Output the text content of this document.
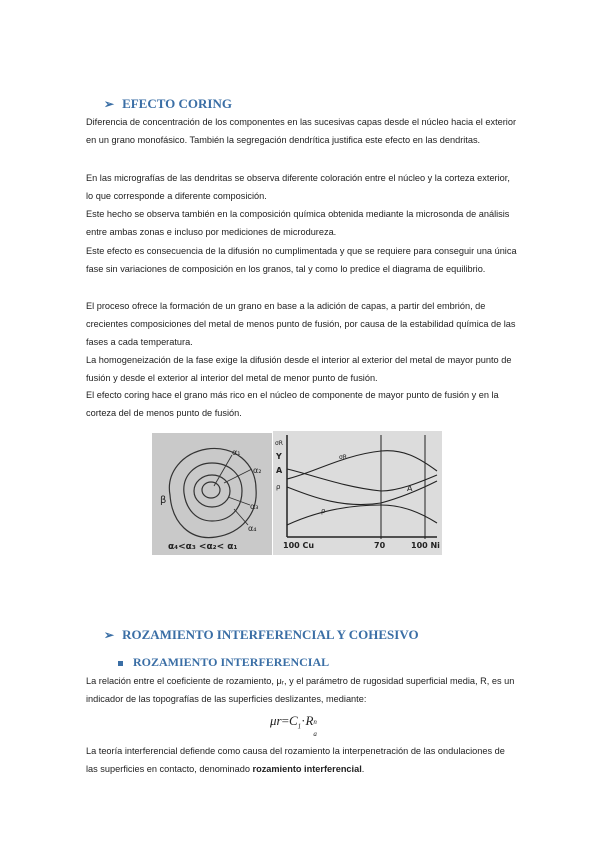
➢ EFECTO CORING

Diferencia de concentración de los componentes en las sucesivas capas desde el núcleo hacia el exterior en un grano monofásico. También la segregación dendrítica justifica este efecto en las dendritas.

En las micrografías de las dendritas se observa diferente coloración entre el núcleo y la corteza exterior, lo que corresponde a diferente composición.

Este hecho se observa también en la composición química obtenida mediante la microsonda de análisis entre ambas zonas e incluso por mediciones de microdureza.

Este efecto es consecuencia de la difusión no cumplimentada y que se requiere para conseguir una única fase sin variaciones de composición en los granos, tal y como lo predice el diagrama de equilibrio.

El proceso ofrece la formación de un grano en base a la adición de capas, a partir del embrión, de crecientes composiciones del metal de menos punto de fusión, por causa de la estabilidad química de las fases a cada temperatura.

La homogeneización de la fase exige la difusión desde el interior al exterior del metal de mayor punto de fusión y desde el exterior al interior del metal de menor punto de fusión.

El efecto coring hace el grano más rico en el núcleo de componente de mayor punto de fusión y en la corteza del de menos punto de fusión.

β
α₁
α₂
α₃
α₄
α₄<α₃ <α₂< α₁
σR
Y
A
ρ
σR
A
ρ
100 Cu	70	100 Ni
➢ ROZAMIENTO INTERFERENCIAL Y COHESIVO
ROZAMIENTO INTERFERENCIAL

La relación entre el coeficiente de rozamiento, μᵣ, y el parámetro de rugosidad superficial media, R, es un indicador de las topografías de las superficies deslizantes, mediante:

$\mu r=C_1\cdot R$ n
a

La teoría interferencial defiende como causa del rozamiento la interpenetración de las ondulaciones de las superficies en contacto, denominado rozamiento interferencial.
